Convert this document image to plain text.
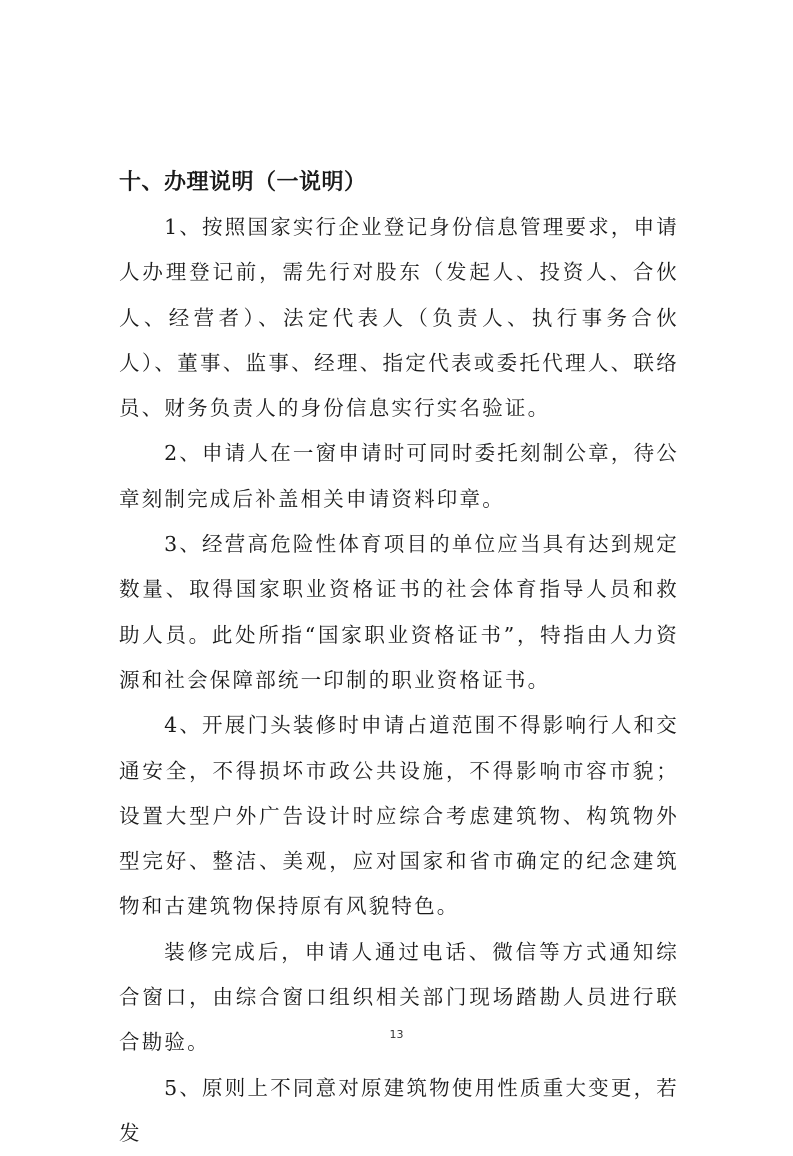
十、办理说明（一说明）

1、按照国家实行企业登记身份信息管理要求，申请人办理登记前，需先行对股东（发起人、投资人、合伙人、经营者）、法定代表人（负责人、执行事务合伙人）、董事、监事、经理、指定代表或委托代理人、联络员、财务负责人的身份信息实行实名验证。

2、申请人在一窗申请时可同时委托刻制公章，待公章刻制完成后补盖相关申请资料印章。

3、经营高危险性体育项目的单位应当具有达到规定数量、取得国家职业资格证书的社会体育指导人员和救助人员。此处所指“国家职业资格证书”，特指由人力资源和社会保障部统一印制的职业资格证书。

4、开展门头装修时申请占道范围不得影响行人和交通安全，不得损坏市政公共设施，不得影响市容市貌；设置大型户外广告设计时应综合考虑建筑物、构筑物外型完好、整洁、美观，应对国家和省市确定的纪念建筑物和古建筑物保持原有风貌特色。

装修完成后，申请人通过电话、微信等方式通知综合窗口，由综合窗口组织相关部门现场踏勘人员进行联合勘验。

5、原则上不同意对原建筑物使用性质重大变更，若发

13
